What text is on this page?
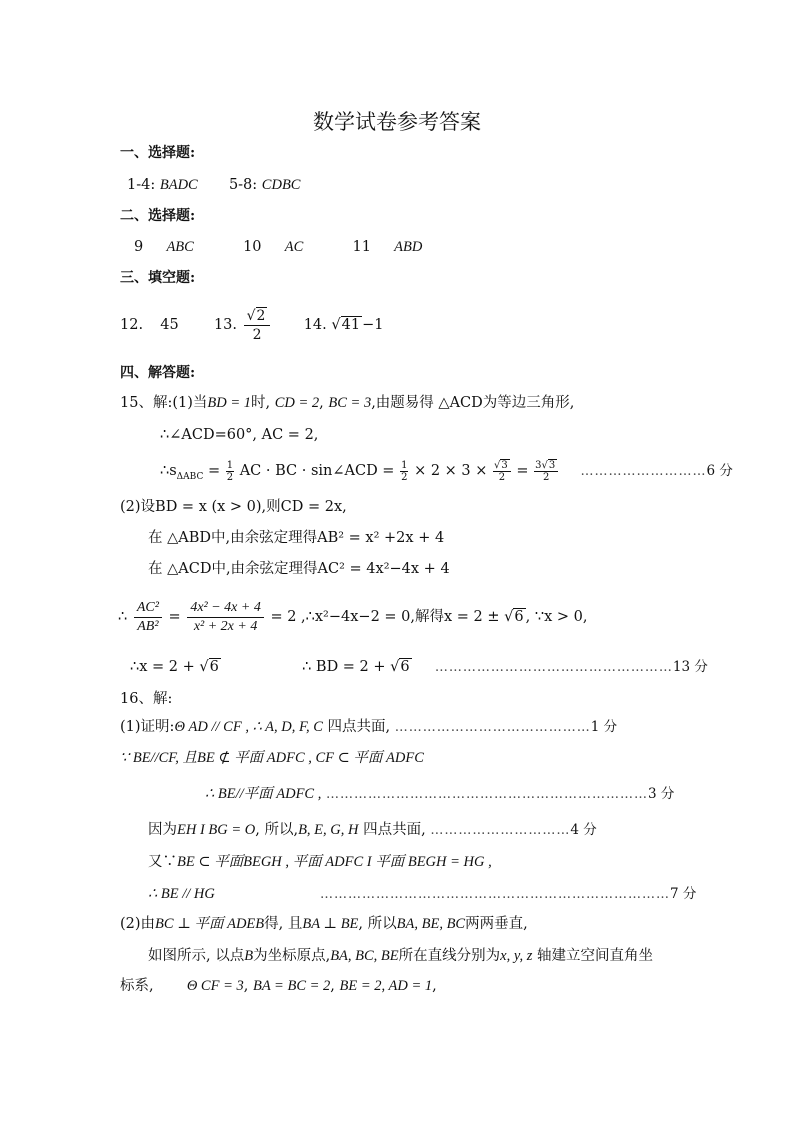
数学试卷参考答案
一、选择题:
1-4: BADC 5-8: CDBC
二、选择题:
9 ABC	10 AC	11 ABD
三、填空题:
12. 45 13. $\frac{√2}{2} 14$. √41 −1
四、解答题:
15、解:(1)当BD = 1时, CD = 2, BC = 3,由题易得 △ACD为等边三角形,
∴∠ACD=60°, AC = 2,
$\therefore s_{\Delta ABC} = \frac{1}{2}$ AC · BC · sin∠ACD = $\frac{1}{2} \times 2 \times 3 \times \frac{√3}{2} = \frac{3√3}{2}$ ………………………6 分
(2)设BD = x (x > 0),则CD = 2x,
在 △ABD中,由余弦定理得AB² = x² +2x + 4
在 △ACD中,由余弦定理得AC² = 4x²−4x + 4
∴ $\frac{\text{AC²}}{\text{AB²}} = \frac{\text{4x² − 4x + 4}}{\text{x² + 2x + 4}} = 2$ ,∴x²−4x−2 = 0,解得x = 2 ± √6 , ∵x > 0,
∴x = 2 + √6	∴ BD = 2 + √6 ……………………………………………13 分
16、解:
(1)证明:Θ AD // CF , ∴ A, D, F, C 四点共面, ……………………………………1 分
∵ BE//CF, 且BE ⊄ 平面 ADFC , CF ⊂ 平面 ADFC
∴ BE//平面 ADFC , ……………………………………………………………3 分
因为EH I BG = O, 所以,B, E, G, H 四点共面, …………………………4 分
又∵BE ⊂ 平面BEGH , 平面 ADFC I 平面 BEGH = HG ,
∴ BE // HG	…………………………………………………………………7 分
(2)由BC ⊥ 平面 ADEB得, 且BA ⊥ BE, 所以BA, BE, BC两两垂直,
如图所示, 以点B为坐标原点,BA, BC, BE所在直线分别为x, y, z 轴建立空间直角坐
标系, Θ CF = 3, BA = BC = 2, BE = 2, AD = 1,
